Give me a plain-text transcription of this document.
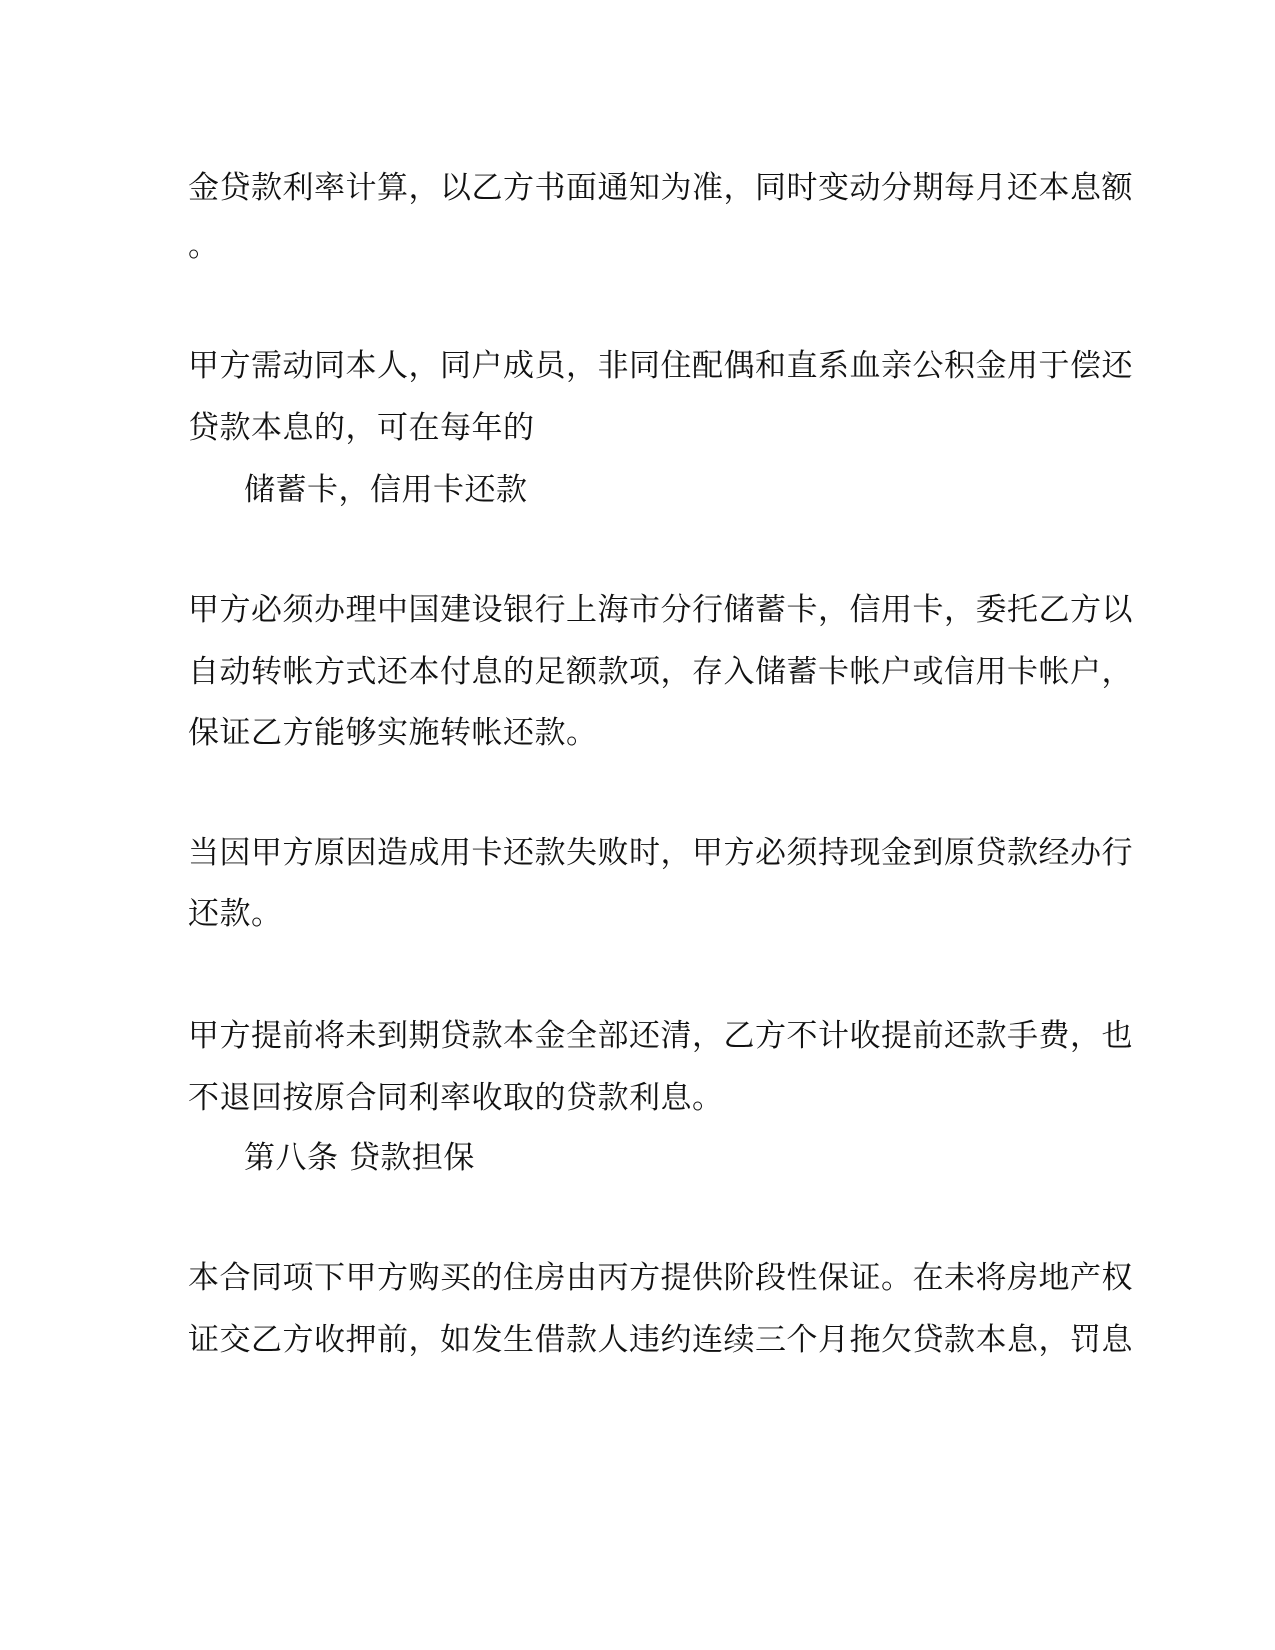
金贷款利率计算，以乙方书面通知为准，同时变动分期每月还本息额
。
甲方需动同本人，同户成员，非同住配偶和直系血亲公积金用于偿还
贷款本息的，可在每年的
储蓄卡，信用卡还款
甲方必须办理中国建设银行上海市分行储蓄卡，信用卡，委托乙方以
自动转帐方式还本付息的足额款项，存入储蓄卡帐户或信用卡帐户，
保证乙方能够实施转帐还款。
当因甲方原因造成用卡还款失败时，甲方必须持现金到原贷款经办行
还款。
甲方提前将未到期贷款本金全部还清，乙方不计收提前还款手费，也
不退回按原合同利率收取的贷款利息。
第八条 贷款担保
本合同项下甲方购买的住房由丙方提供阶段性保证。在未将房地产权
证交乙方收押前，如发生借款人违约连续三个月拖欠贷款本息，罚息
